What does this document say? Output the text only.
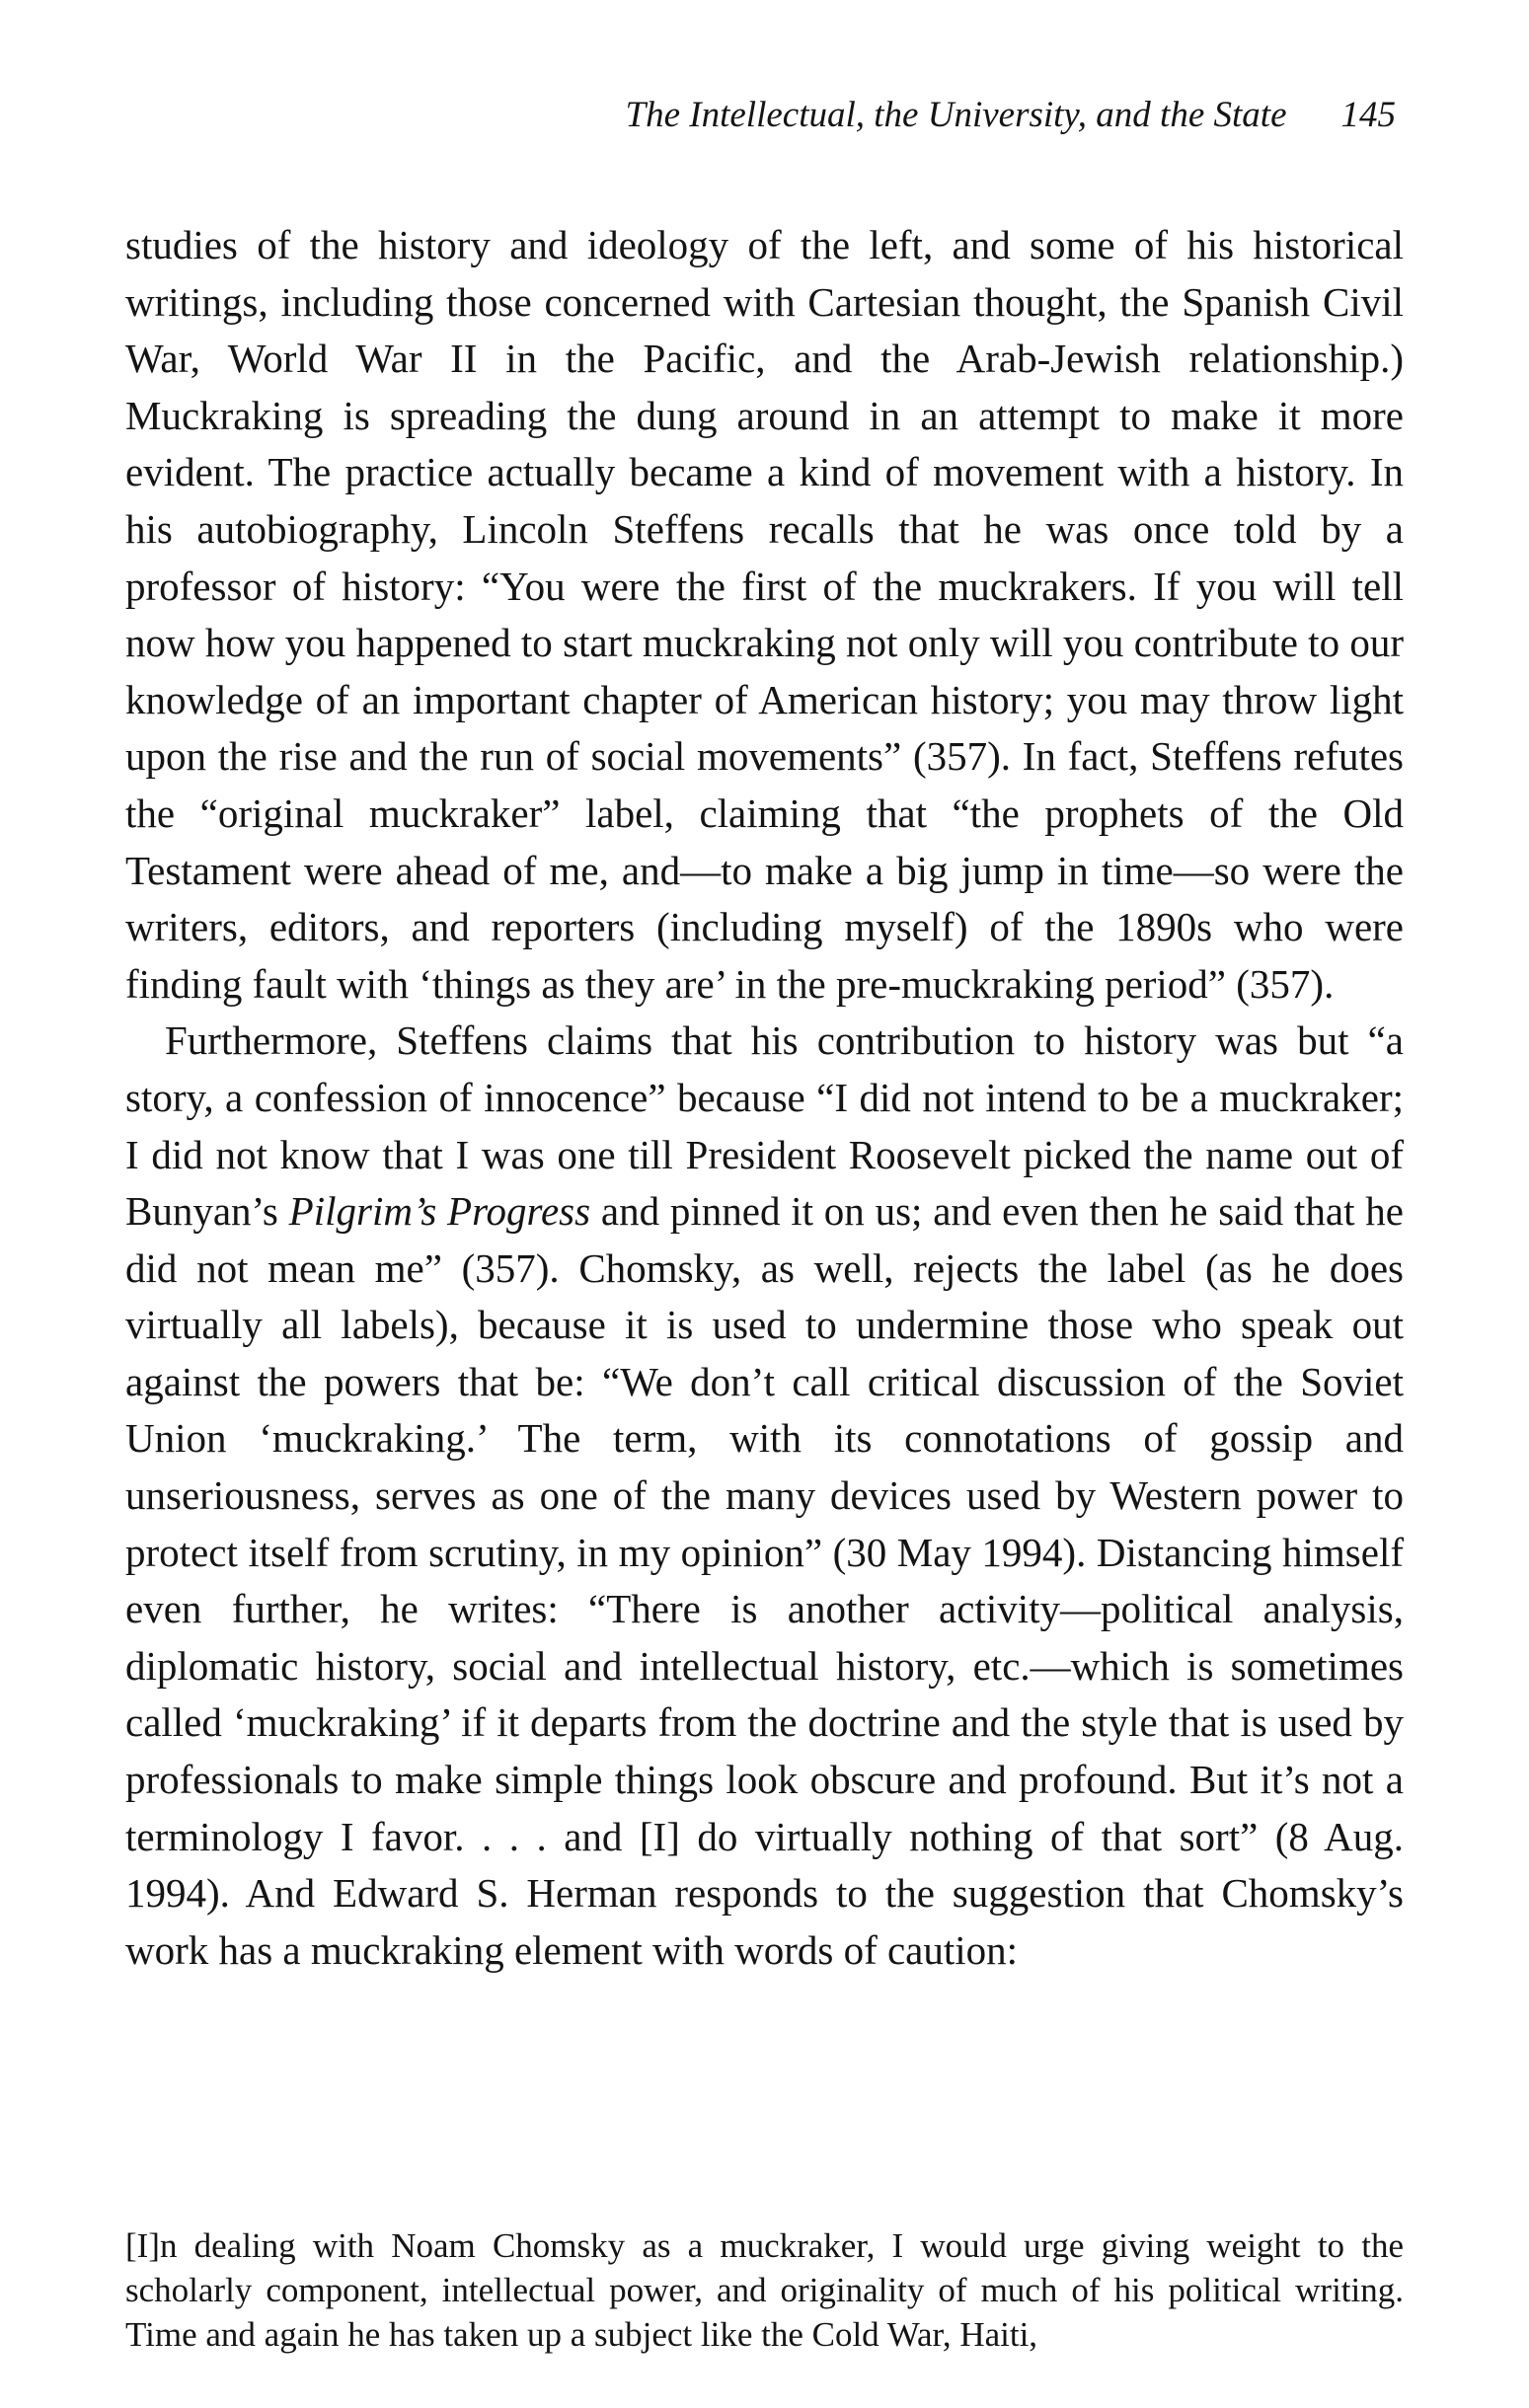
The Intellectual, the University, and the State 145

studies of the history and ideology of the left, and some of his historical writings, including those concerned with Cartesian thought, the Spanish Civil War, World War II in the Pacific, and the Arab-Jewish relationship.) Muckraking is spreading the dung around in an attempt to make it more evident. The practice actually became a kind of movement with a history. In his autobiography, Lincoln Steffens recalls that he was once told by a professor of history: “You were the first of the muckrakers. If you will tell now how you happened to start muckraking not only will you contribute to our knowledge of an important chapter of American history; you may throw light upon the rise and the run of social movements” (357). In fact, Steffens refutes the “original muckraker” label, claiming that “the prophets of the Old Testament were ahead of me, and—to make a big jump in time—so were the writers, editors, and reporters (including myself) of the 1890s who were finding fault with ‘things as they are’ in the pre-muckraking period” (357).

Furthermore, Steffens claims that his contribution to history was but “a story, a confession of innocence” because “I did not intend to be a muckraker; I did not know that I was one till President Roosevelt picked the name out of Bunyan’s Pilgrim’s Progress and pinned it on us; and even then he said that he did not mean me” (357). Chomsky, as well, rejects the label (as he does virtually all labels), because it is used to undermine those who speak out against the powers that be: “We don’t call critical discussion of the Soviet Union ‘muckraking.’ The term, with its connotations of gossip and unseriousness, serves as one of the many devices used by Western power to protect itself from scrutiny, in my opinion” (30 May 1994). Distancing himself even further, he writes: “There is another activity—political analysis, diplomatic history, social and intellectual history, etc.—which is sometimes called ‘muckraking’ if it departs from the doctrine and the style that is used by professionals to make simple things look obscure and profound. But it’s not a terminology I favor. . . . and [I] do virtually nothing of that sort” (8 Aug. 1994). And Edward S. Herman responds to the suggestion that Chomsky’s work has a muckraking element with words of caution:

[I]n dealing with Noam Chomsky as a muckraker, I would urge giving weight to the scholarly component, intellectual power, and originality of much of his political writing. Time and again he has taken up a subject like the Cold War, Haiti,
